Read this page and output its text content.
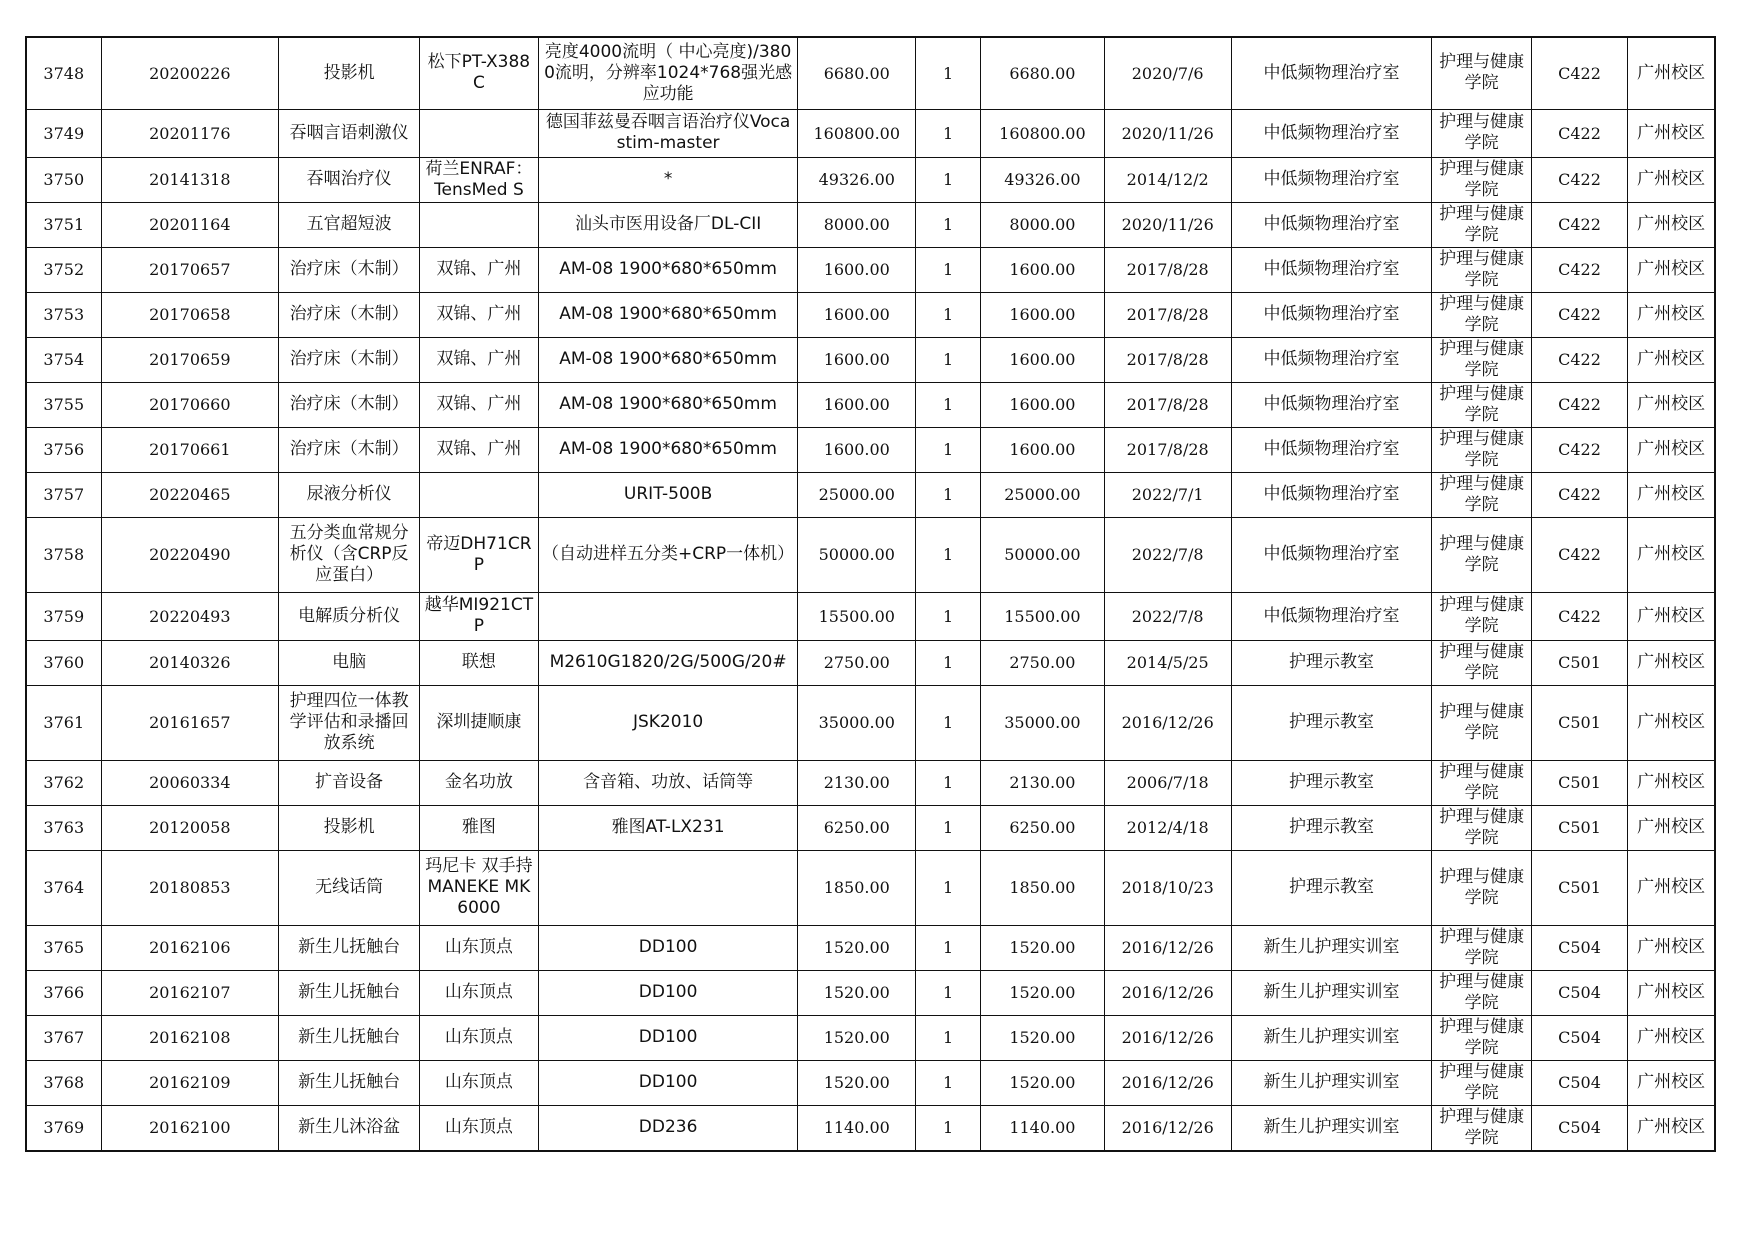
3748	20200226	投影机	松下PT-X388C	亮度4000流明（ 中心亮度)/3800流明，分辨率1024*768强光感应功能	6680.00	1	6680.00	2020/7/6	中低频物理治疗室	护理与健康学院	C422	广州校区
3749	20201176	吞咽言语刺激仪		德国菲兹曼吞咽言语治疗仪Vocastim-master	160800.00	1	160800.00	2020/11/26	中低频物理治疗室	护理与健康学院	C422	广州校区
3750	20141318	吞咽治疗仪	荷兰ENRAF：TensMed S	*	49326.00	1	49326.00	2014/12/2	中低频物理治疗室	护理与健康学院	C422	广州校区
3751	20201164	五官超短波		汕头市医用设备厂DL-CII	8000.00	1	8000.00	2020/11/26	中低频物理治疗室	护理与健康学院	C422	广州校区
3752	20170657	治疗床（木制）	双锦、广州	AM-08 1900*680*650mm	1600.00	1	1600.00	2017/8/28	中低频物理治疗室	护理与健康学院	C422	广州校区
3753	20170658	治疗床（木制）	双锦、广州	AM-08 1900*680*650mm	1600.00	1	1600.00	2017/8/28	中低频物理治疗室	护理与健康学院	C422	广州校区
3754	20170659	治疗床（木制）	双锦、广州	AM-08 1900*680*650mm	1600.00	1	1600.00	2017/8/28	中低频物理治疗室	护理与健康学院	C422	广州校区
3755	20170660	治疗床（木制）	双锦、广州	AM-08 1900*680*650mm	1600.00	1	1600.00	2017/8/28	中低频物理治疗室	护理与健康学院	C422	广州校区
3756	20170661	治疗床（木制）	双锦、广州	AM-08 1900*680*650mm	1600.00	1	1600.00	2017/8/28	中低频物理治疗室	护理与健康学院	C422	广州校区
3757	20220465	尿液分析仪		URIT-500B	25000.00	1	25000.00	2022/7/1	中低频物理治疗室	护理与健康学院	C422	广州校区
3758	20220490	五分类血常规分析仪（含CRP反应蛋白）	帝迈DH71CRP	（自动进样五分类+CRP一体机）	50000.00	1	50000.00	2022/7/8	中低频物理治疗室	护理与健康学院	C422	广州校区
3759	20220493	电解质分析仪	越华MI921CTP		15500.00	1	15500.00	2022/7/8	中低频物理治疗室	护理与健康学院	C422	广州校区
3760	20140326	电脑	联想	M2610G1820/2G/500G/20#	2750.00	1	2750.00	2014/5/25	护理示教室	护理与健康学院	C501	广州校区
3761	20161657	护理四位一体教学评估和录播回放系统	深圳捷顺康	JSK2010	35000.00	1	35000.00	2016/12/26	护理示教室	护理与健康学院	C501	广州校区
3762	20060334	扩音设备	金名功放	含音箱、功放、话筒等	2130.00	1	2130.00	2006/7/18	护理示教室	护理与健康学院	C501	广州校区
3763	20120058	投影机	雅图	雅图AT-LX231	6250.00	1	6250.00	2012/4/18	护理示教室	护理与健康学院	C501	广州校区
3764	20180853	无线话筒	玛尼卡 双手持MANEKE MK6000		1850.00	1	1850.00	2018/10/23	护理示教室	护理与健康学院	C501	广州校区
3765	20162106	新生儿抚触台	山东顶点	DD100	1520.00	1	1520.00	2016/12/26	新生儿护理实训室	护理与健康学院	C504	广州校区
3766	20162107	新生儿抚触台	山东顶点	DD100	1520.00	1	1520.00	2016/12/26	新生儿护理实训室	护理与健康学院	C504	广州校区
3767	20162108	新生儿抚触台	山东顶点	DD100	1520.00	1	1520.00	2016/12/26	新生儿护理实训室	护理与健康学院	C504	广州校区
3768	20162109	新生儿抚触台	山东顶点	DD100	1520.00	1	1520.00	2016/12/26	新生儿护理实训室	护理与健康学院	C504	广州校区
3769	20162100	新生儿沐浴盆	山东顶点	DD236	1140.00	1	1140.00	2016/12/26	新生儿护理实训室	护理与健康学院	C504	广州校区
